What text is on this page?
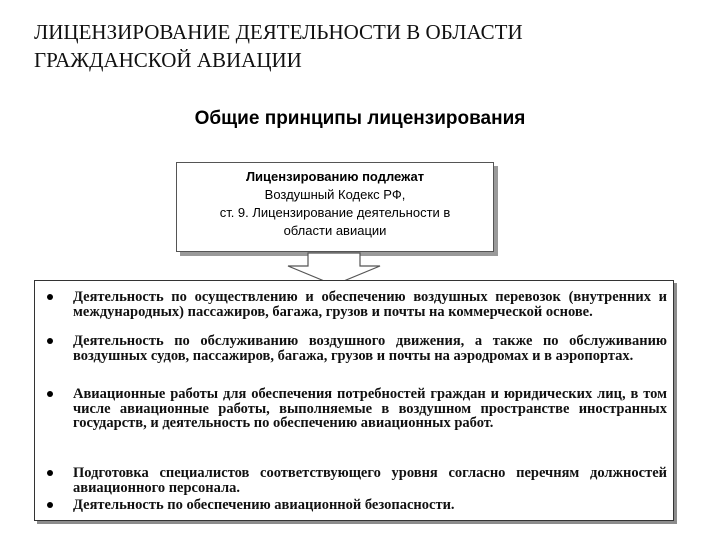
ЛИЦЕНЗИРОВАНИЕ ДЕЯТЕЛЬНОСТИ В ОБЛАСТИ
ГРАЖДАНСКОЙ АВИАЦИИ
Общие принципы лицензирования
Лицензированию подлежат
Воздушный Кодекс РФ,
ст. 9. Лицензирование деятельности в
области авиации
Деятельность по осуществлению и обеспечению воздушных перевозок (внутренних и международных) пассажиров, багажа, грузов и почты на коммерческой основе.
Деятельность по обслуживанию воздушного движения, а также по обслуживанию воздушных судов, пассажиров, багажа, грузов и почты на аэродромах и в аэропортах.
Авиационные работы для обеспечения потребностей граждан и юридических лиц, в том числе авиационные работы, выполняемые в воздушном пространстве иностранных государств, и деятельность по обеспечению авиационных работ.
Подготовка специалистов соответствующего уровня согласно перечням должностей авиационного персонала.
Деятельность по обеспечению авиационной безопасности.
